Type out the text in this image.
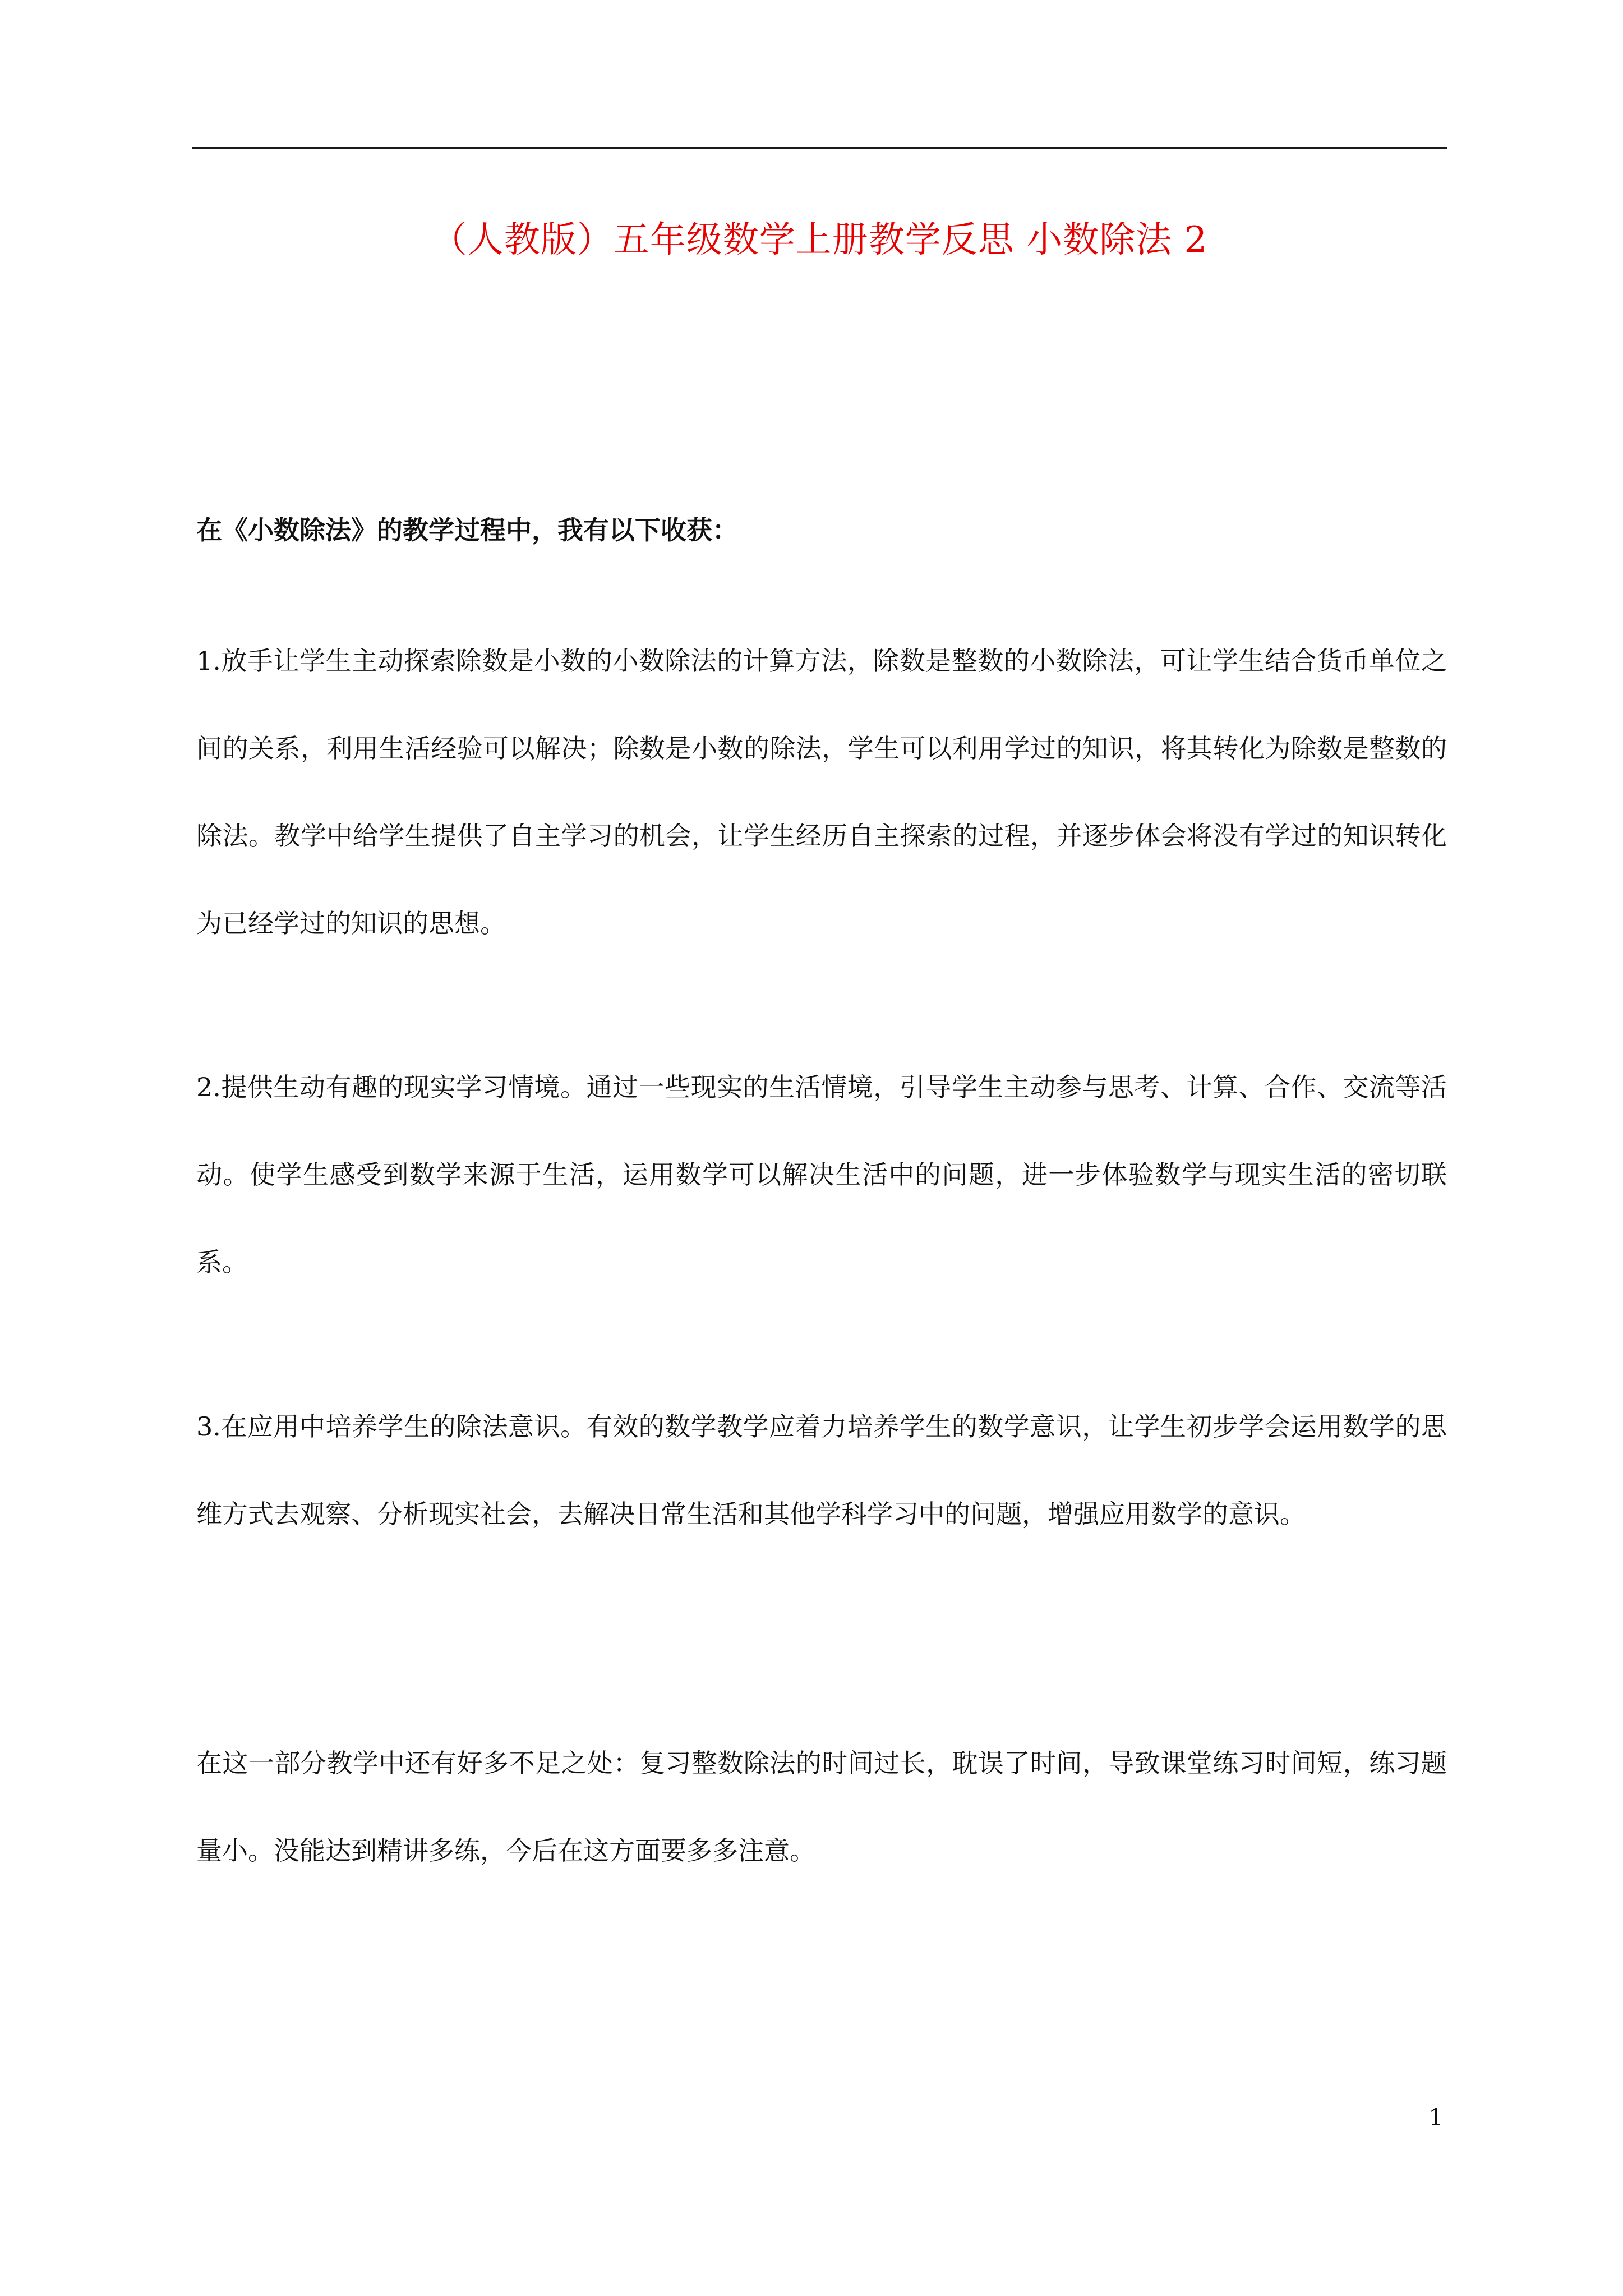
（人教版）五年级数学上册教学反思 小数除法 2
在《小数除法》的教学过程中，我有以下收获：

1.放手让学生主动探索除数是小数的小数除法的计算方法，除数是整数的小数除法，可让学生结合货币单位之间的关系，利用生活经验可以解决；除数是小数的除法，学生可以利用学过的知识，将其转化为除数是整数的除法。教学中给学生提供了自主学习的机会，让学生经历自主探索的过程，并逐步体会将没有学过的知识转化为已经学过的知识的思想。

2.提供生动有趣的现实学习情境。通过一些现实的生活情境，引导学生主动参与思考、计算、合作、交流等活动。使学生感受到数学来源于生活，运用数学可以解决生活中的问题，进一步体验数学与现实生活的密切联系。

3.在应用中培养学生的除法意识。有效的数学教学应着力培养学生的数学意识，让学生初步学会运用数学的思维方式去观察、分析现实社会，去解决日常生活和其他学科学习中的问题，增强应用数学的意识。

在这一部分教学中还有好多不足之处：复习整数除法的时间过长，耽误了时间，导致课堂练习时间短，练习题量小。没能达到精讲多练，今后在这方面要多多注意。

1
